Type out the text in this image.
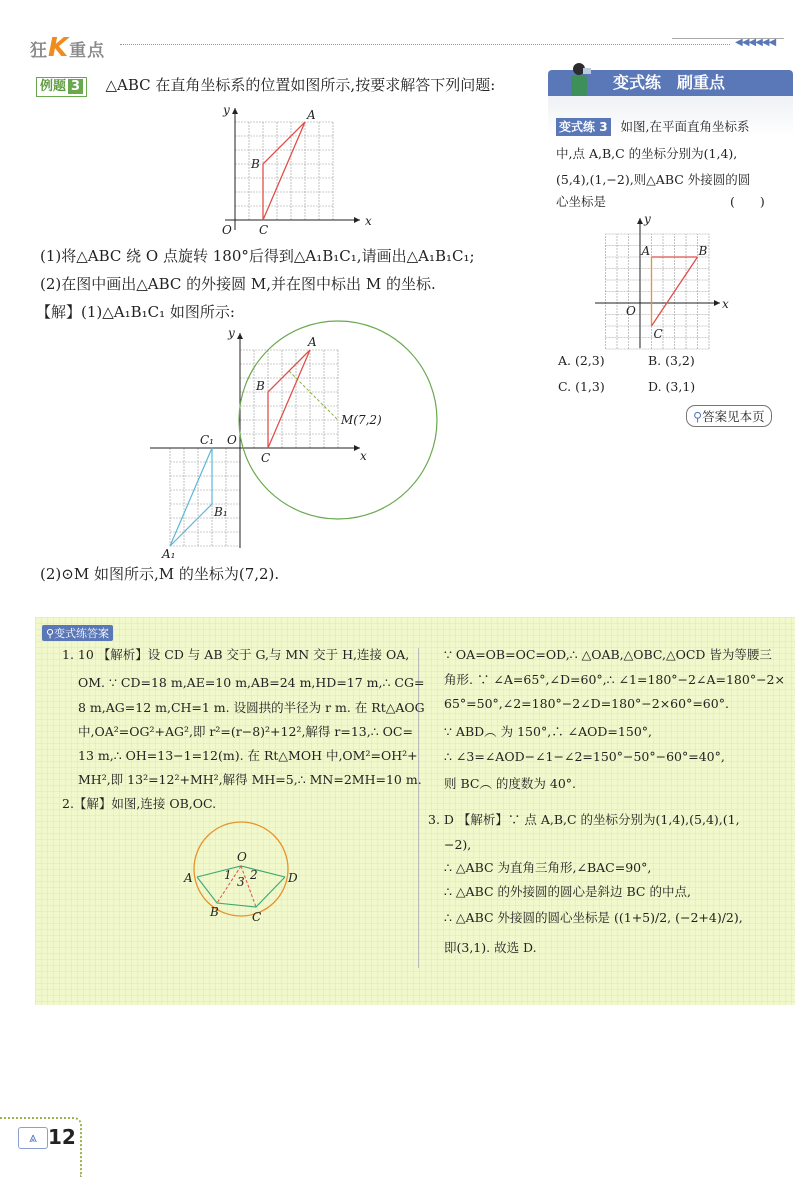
狂K重点	◀◀◀◀◀◀
例题 3 △ABC 在直角坐标系的位置如图所示,按要求解答下列问题:
A
B
C
O
x
y
(1)将△ABC 绕 O 点旋转 180°后得到△A₁B₁C₁,请画出△A₁B₁C₁;
(2)在图中画出△ABC 的外接圆 M,并在图中标出 M 的坐标.
【解】(1)△A₁B₁C₁ 如图所示:
A
B
C
O
M(7,2)
C₁
B₁
A₁
x
y
(2)⊙M 如图所示,M 的坐标为(7,2).
变式练　刷重点
变式练 3 如图,在平面直角坐标系
中,点 A,B,C 的坐标分别为(1,4),
(5,4),(1,−2),则△ABC 外接圆的圆
心坐标是	(　　)
A	B
C
O	x
y
A. (2,3)	B. (3,2)
C. (1,3)	D. (3,1)
⚲答案见本页
⚲变式练答案
1. 10 【解析】设 CD 与 AB 交于 G,与 MN 交于 H,连接 OA,
OM. ∵ CD=18 m,AE=10 m,AB=24 m,HD=17 m,∴ CG=
8 m,AG=12 m,CH=1 m. 设圆拱的半径为 r m. 在 Rt△AOG
中,OA²=OG²+AG²,即 r²=(r−8)²+12²,解得 r=13,∴ OC=
13 m,∴ OH=13−1=12(m). 在 Rt△MOH 中,OM²=OH²+
MH²,即 13²=12²+MH²,解得 MH=5,∴ MN=2MH=10 m.
2.【解】如图,连接 OB,OC.
∵ OA=OB=OC=OD,∴ △OAB,△OBC,△OCD 皆为等腰三
角形. ∵ ∠A=65°,∠D=60°,∴ ∠1=180°−2∠A=180°−2×
65°=50°,∠2=180°−2∠D=180°−2×60°=60°.
∵ ABD︵ 为 150°,∴ ∠AOD=150°,
∴ ∠3=∠AOD−∠1−∠2=150°−50°−60°=40°,
则 BC︵ 的度数为 40°.
3. D 【解析】∵ 点 A,B,C 的坐标分别为(1,4),(5,4),(1,
−2),
∴ △ABC 为直角三角形,∠BAC=90°,
∴ △ABC 的外接圆的圆心是斜边 BC 的中点,
∴ △ABC 外接圆的圆心坐标是 ((1+5)/2, (−2+4)/2),
即(3,1). 故选 D.
O
A
B	C
D
1 2
3
⩓ 12
